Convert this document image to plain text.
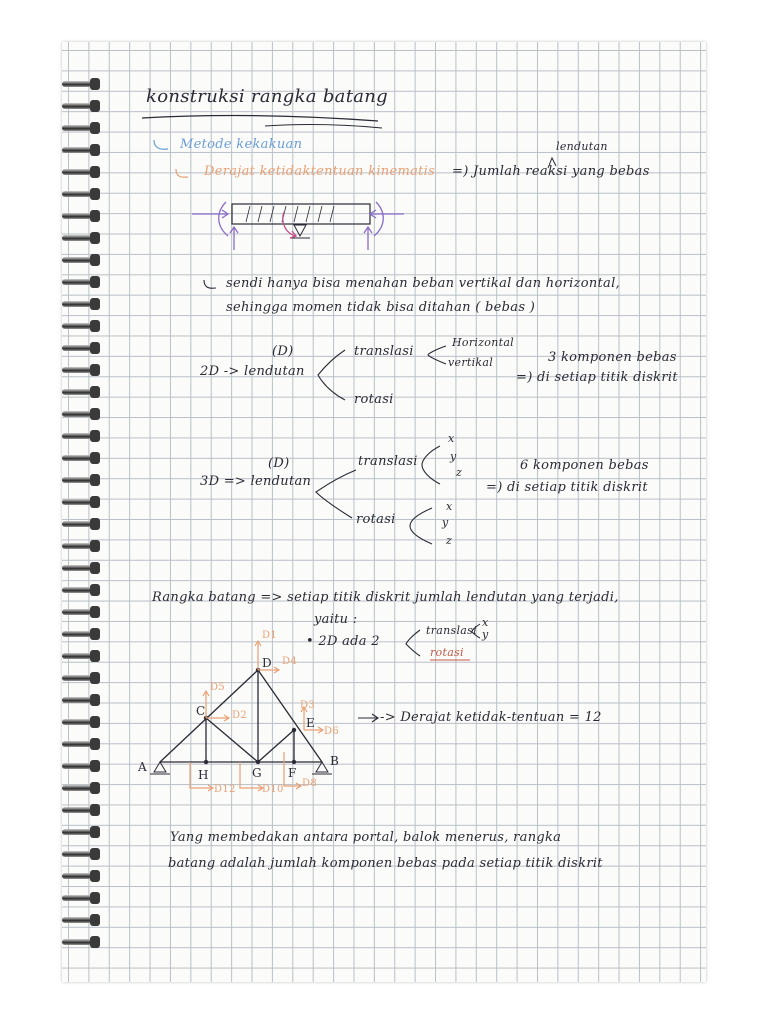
konstruksi rangka batang
Metode kekakuan	lendutan
Derajat ketidaktentuan kinematis =) Jumlah reaksi yang bebas
sendi hanya bisa menahan beban vertikal dan horizontal,
sehingga momen tidak bisa ditahan ( bebas )
(D)
2D -> lendutan
translasi
Horizontal
vertikal
rotasi
3 komponen bebas
=) di setiap titik diskrit
(D)
3D => lendutan
translasi
x
y
z
rotasi
x
y
z
6 komponen bebas
=) di setiap titik diskrit
Rangka batang => setiap titik diskrit jumlah lendutan yang terjadi,
yaitu :
• 2D ada 2
translasi
x
y
rotasi
-> Derajat ketidak-tentuan = 12
A	B
C
D
E
F
G
H
D1
D2
D3
D4
D5
D6
D8
D10
D12
Yang membedakan antara portal, balok menerus, rangka
batang adalah jumlah komponen bebas pada setiap titik diskrit
